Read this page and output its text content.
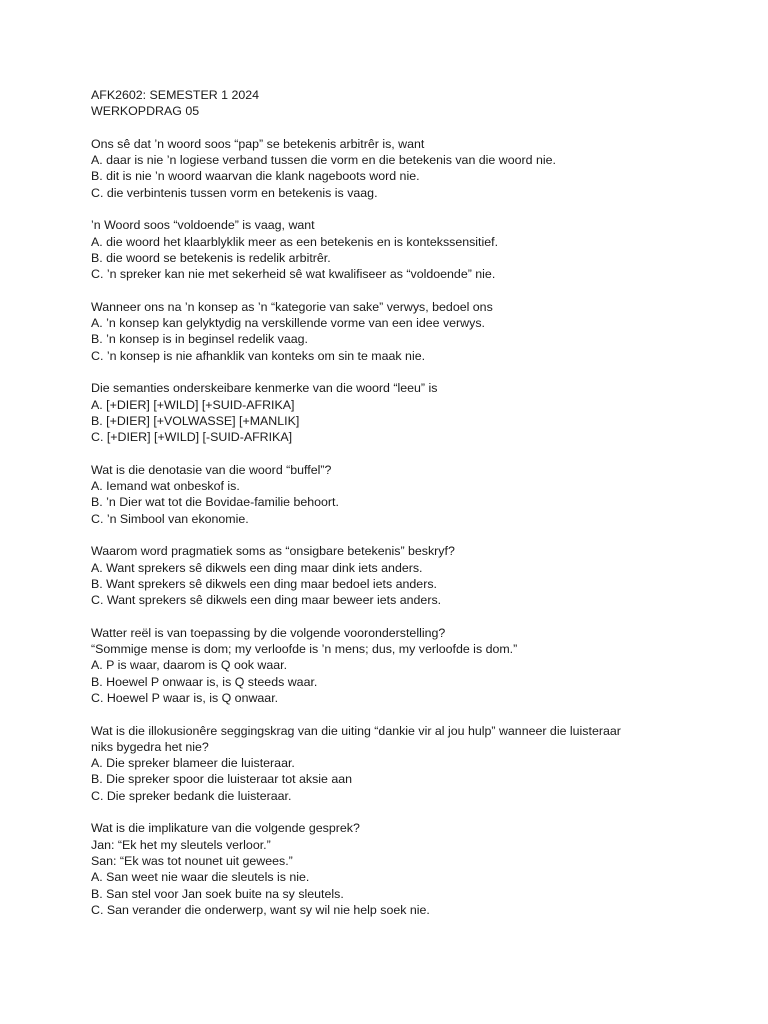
AFK2602: SEMESTER 1 2024
WERKOPDRAG 05
Ons sê dat ’n woord soos “pap” se betekenis arbitrêr is, want
A. daar is nie ’n logiese verband tussen die vorm en die betekenis van die woord nie.
B. dit is nie ’n woord waarvan die klank nageboots word nie.
C. die verbintenis tussen vorm en betekenis is vaag.
’n Woord soos “voldoende” is vaag, want
A. die woord het klaarblyklik meer as een betekenis en is kontekssensitief.
B. die woord se betekenis is redelik arbitrêr.
C. ’n spreker kan nie met sekerheid sê wat kwalifiseer as “voldoende” nie.
Wanneer ons na ’n konsep as ’n “kategorie van sake” verwys, bedoel ons
A. ’n konsep kan gelyktydig na verskillende vorme van een idee verwys.
B. ’n konsep is in beginsel redelik vaag.
C. ’n konsep is nie afhanklik van konteks om sin te maak nie.
Die semanties onderskeibare kenmerke van die woord “leeu” is
A. [+DIER] [+WILD] [+SUID-AFRIKA]
B. [+DIER] [+VOLWASSE] [+MANLIK]
C. [+DIER] [+WILD] [-SUID-AFRIKA]
Wat is die denotasie van die woord “buffel”?
A. Iemand wat onbeskof is.
B. ’n Dier wat tot die Bovidae-familie behoort.
C. ’n Simbool van ekonomie.
Waarom word pragmatiek soms as “onsigbare betekenis” beskryf?
A. Want sprekers sê dikwels een ding maar dink iets anders.
B. Want sprekers sê dikwels een ding maar bedoel iets anders.
C. Want sprekers sê dikwels een ding maar beweer iets anders.
Watter reël is van toepassing by die volgende vooronderstelling?
“Sommige mense is dom; my verloofde is ’n mens; dus, my verloofde is dom.”
A. P is waar, daarom is Q ook waar.
B. Hoewel P onwaar is, is Q steeds waar.
C. Hoewel P waar is, is Q onwaar.
Wat is die illokusionêre seggingskrag van die uiting “dankie vir al jou hulp” wanneer die luisteraar
niks bygedra het nie?
A. Die spreker blameer die luisteraar.
B. Die spreker spoor die luisteraar tot aksie aan
C. Die spreker bedank die luisteraar.
Wat is die implikature van die volgende gesprek?
Jan: “Ek het my sleutels verloor.”
San: “Ek was tot nounet uit gewees.”
A. San weet nie waar die sleutels is nie.
B. San stel voor Jan soek buite na sy sleutels.
C. San verander die onderwerp, want sy wil nie help soek nie.
